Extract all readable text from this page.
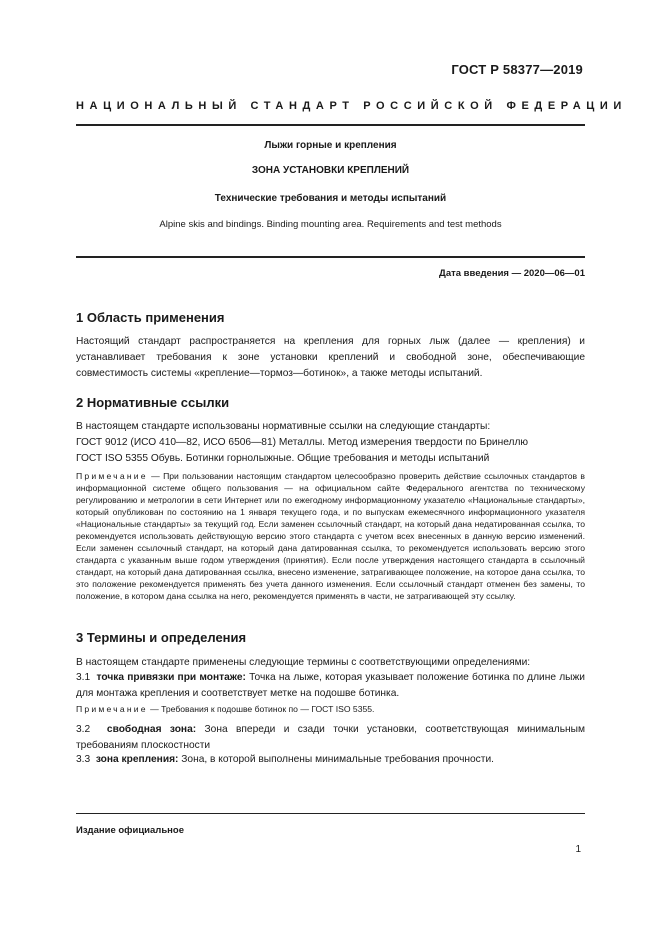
ГОСТ Р 58377—2019
НАЦИОНАЛЬНЫЙ СТАНДАРТ РОССИЙСКОЙ ФЕДЕРАЦИИ
Лыжи горные и крепления
ЗОНА УСТАНОВКИ КРЕПЛЕНИЙ
Технические требования и методы испытаний
Alpine skis and bindings. Binding mounting area. Requirements and test methods
Дата введения — 2020—06—01
1 Область применения

Настоящий стандарт распространяется на крепления для горных лыж (далее — крепления) и устанавливает требования к зоне установки креплений и свободной зоне, обеспечивающие совместимость системы «крепление—тормоз—ботинок», а также методы испытаний.

2 Нормативные ссылки

В настоящем стандарте использованы нормативные ссылки на следующие стандарты:

ГОСТ 9012 (ИСО 410—82, ИСО 6506—81) Металлы. Метод измерения твердости по Бринеллю

ГОСТ ISO 5355 Обувь. Ботинки горнолыжные. Общие требования и методы испытаний

Примечание — При пользовании настоящим стандартом целесообразно проверить действие ссылочных стандартов в информационной системе общего пользования — на официальном сайте Федерального агентства по техническому регулированию и метрологии в сети Интернет или по ежегодному информационному указателю «Национальные стандарты», который опубликован по состоянию на 1 января текущего года, и по выпускам ежемесячного информационного указателя «Национальные стандарты» за текущий год. Если заменен ссылочный стандарт, на который дана недатированная ссылка, то рекомендуется использовать действующую версию этого стандарта с учетом всех внесенных в данную версию изменений. Если заменен ссылочный стандарт, на который дана датированная ссылка, то рекомендуется использовать версию этого стандарта с указанным выше годом утверждения (принятия). Если после утверждения настоящего стандарта в ссылочный стандарт, на который дана датированная ссылка, внесено изменение, затрагивающее положение, на которое дана ссылка, то это положение рекомендуется применять без учета данного изменения. Если ссылочный стандарт отменен без замены, то положение, в котором дана ссылка на него, рекомендуется применять в части, не затрагивающей эту ссылку.

3 Термины и определения

В настоящем стандарте применены следующие термины с соответствующими определениями:

3.1 точка привязки при монтаже: Точка на лыже, которая указывает положение ботинка по длине лыжи для монтажа крепления и соответствует метке на подошве ботинка.

Примечание — Требования к подошве ботинок по — ГОСТ ISO 5355.

3.2 свободная зона: Зона впереди и сзади точки установки, соответствующая минимальным требованиям плоскостности

3.3 зона крепления: Зона, в которой выполнены минимальные требования прочности.

Издание официальное
1
